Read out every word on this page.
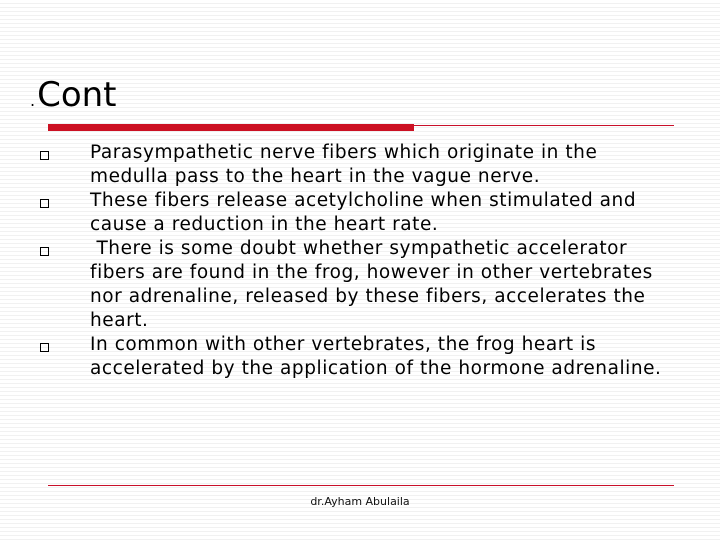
. Cont
Parasympathetic nerve fibers which originate in the medulla pass to the heart in the vague nerve.
These fibers release acetylcholine when stimulated and cause a reduction in the heart rate.
There is some doubt whether sympathetic accelerator fibers are found in the frog, however in other vertebrates nor adrenaline, released by these fibers, accelerates the heart.
In common with other vertebrates, the frog heart is accelerated by the application of the hormone adrenaline.
dr.Ayham Abulaila
